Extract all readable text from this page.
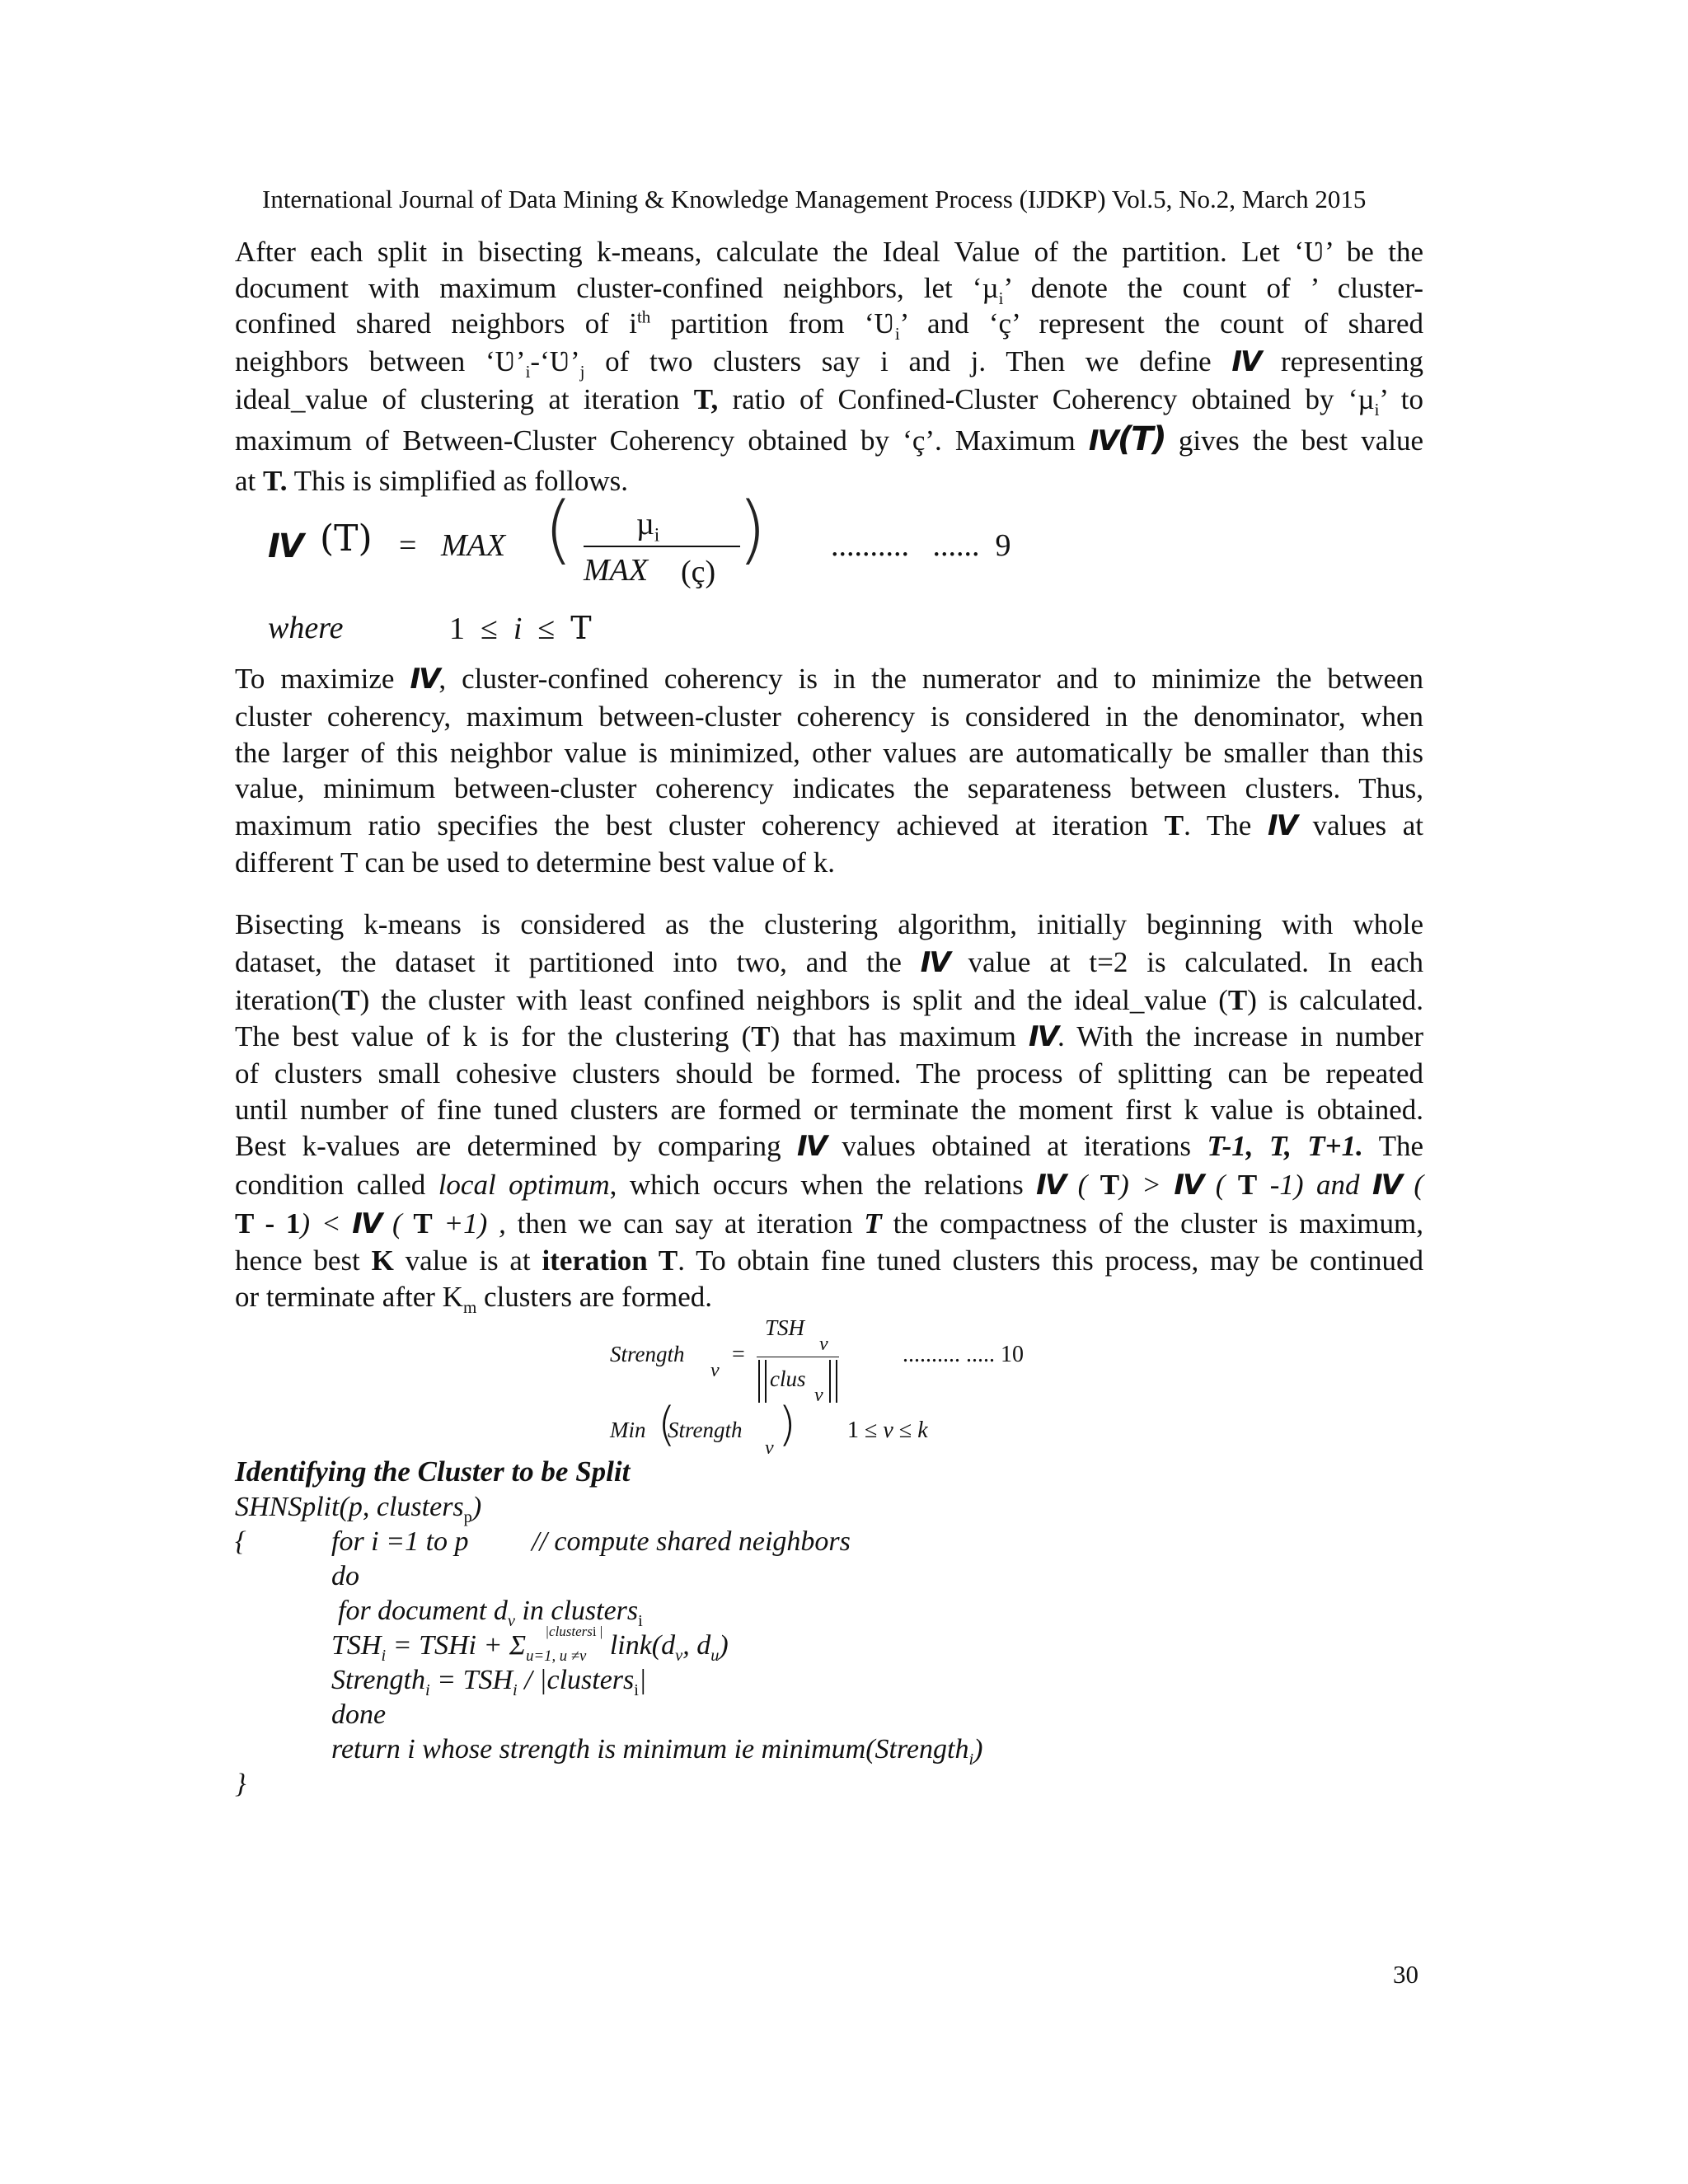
International Journal of Data Mining & Knowledge Management Process (IJDKP) Vol.5, No.2, March 2015
After each split in bisecting k-means, calculate the Ideal Value of the partition. Let ‘Ʋ’ be the
document with maximum cluster-confined neighbors, let ‘µ$_i$’ denote the count of ’ cluster-
confined shared neighbors of $i^{th}$ partition from ‘$Ʋ_i$’ and ‘ç’ represent the count of shared
neighbors between ‘$Ʋ’_i-‘Ʋ’_j$ of two clusters say i and j. Then we define IV representing
ideal_value of clustering at iteration T, ratio of Confined-Cluster Coherency obtained by ‘µ$_i$’ to
maximum of Between-Cluster Coherency obtained by ‘ç’. Maximum IV(T) gives the best value
at T. This is simplified as follows.
IV (T) = MAX ( µ$_i$
MAX (ç) ) .......... ...... 9
where	1 ≤ i ≤ T
To maximize IV, cluster-confined coherency is in the numerator and to minimize the between
cluster coherency, maximum between-cluster coherency is considered in the denominator, when
the larger of this neighbor value is minimized, other values are automatically be smaller than this
value, minimum between-cluster coherency indicates the separateness between clusters. Thus,
maximum ratio specifies the best cluster coherency achieved at iteration T. The IV values at
different T can be used to determine best value of k.
Bisecting k-means is considered as the clustering algorithm, initially beginning with whole
dataset, the dataset it partitioned into two, and the IV value at t=2 is calculated. In each
iteration(T) the cluster with least confined neighbors is split and the ideal_value (T) is calculated.
The best value of k is for the clustering (T) that has maximum IV. With the increase in number
of clusters small cohesive clusters should be formed. The process of splitting can be repeated
until number of fine tuned clusters are formed or terminate the moment first k value is obtained.
Best k-values are determined by comparing IV values obtained at iterations T-1, T, T+1. The
condition called local optimum, which occurs when the relations IV ( T) > IV ( T -1) and IV (
T - 1) < IV ( T +1) , then we can say at iteration T the compactness of the cluster is maximum,
hence best K value is at iteration T. To obtain fine tuned clusters this process, may be continued
or terminate after $K_m$ clusters are formed.
Strength
v
=
TSH
v
clus
v
.......... ..... 10
Min (
Strength
v ) 1 ≤ v ≤ k
Identifying the Cluster to be Split
SHNSplit(p, clusters$_p$)
{	for i =1 to p // compute shared neighbors
do
for document $d_v$ in clusters$_i$
$TSH_i$ = TSHi + $\Sigma_{u=1, u \ne v}^{|clustersi |}$ $link(d_v$, $d_u$)
Strength$_i$ = $TSH_i$ / |clusters$_i$|
done
return i whose strength is minimum ie minimum(Strength$_i$)
}
30
